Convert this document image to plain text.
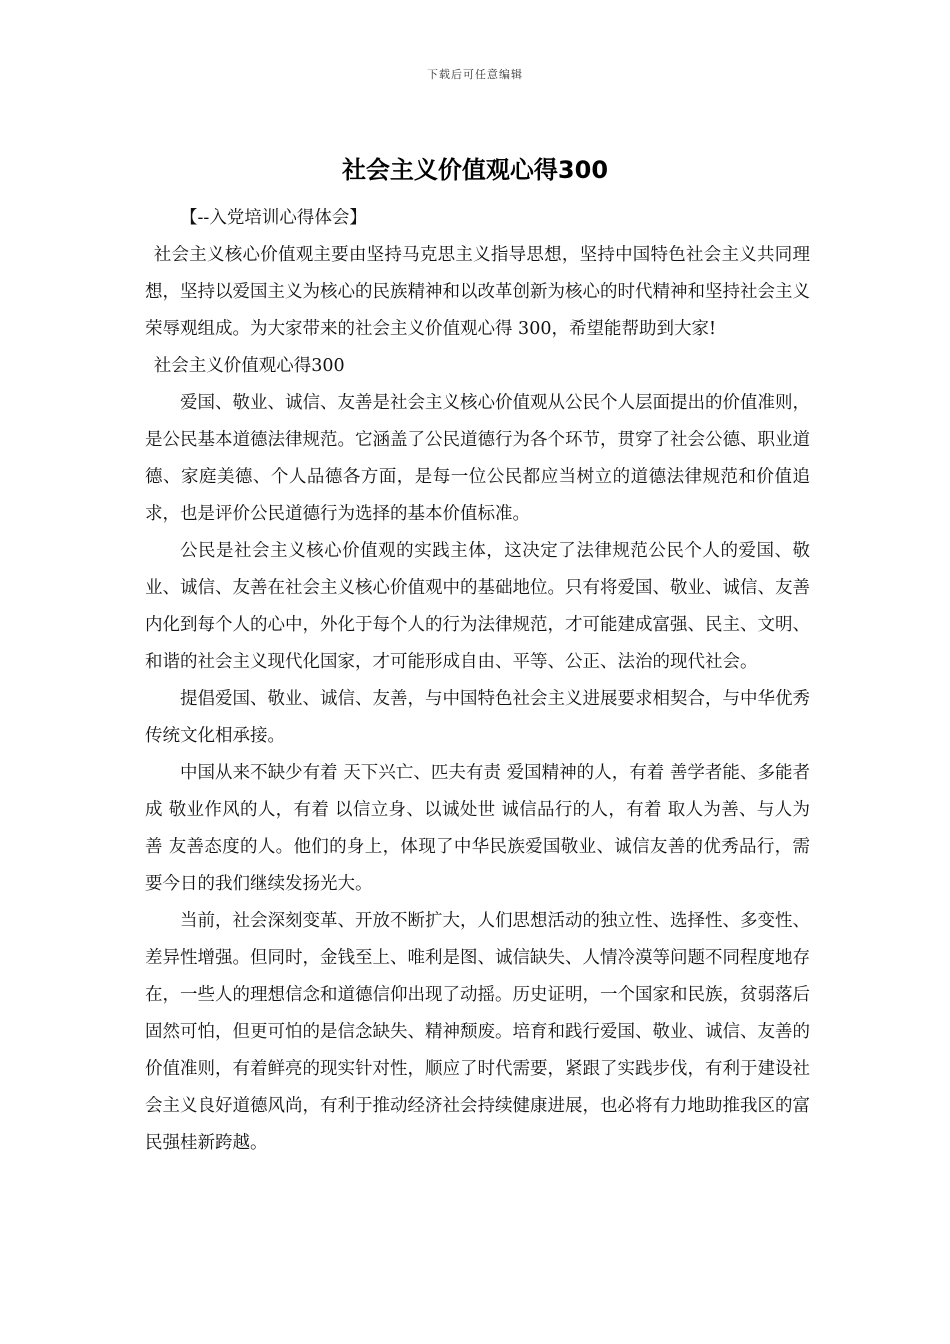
下载后可任意编辑
社会主义价值观心得300

【--入党培训心得体会】

社会主义核心价值观主要由坚持马克思主义指导思想，坚持中国特色社会主义共同理想，坚持以爱国主义为核心的民族精神和以改革创新为核心的时代精神和坚持社会主义荣辱观组成。为大家带来的社会主义价值观心得 300，希望能帮助到大家!

社会主义价值观心得300

爱国、敬业、诚信、友善是社会主义核心价值观从公民个人层面提出的价值准则，是公民基本道德法律规范。它涵盖了公民道德行为各个环节，贯穿了社会公德、职业道德、家庭美德、个人品德各方面，是每一位公民都应当树立的道德法律规范和价值追求，也是评价公民道德行为选择的基本价值标准。

公民是社会主义核心价值观的实践主体，这决定了法律规范公民个人的爱国、敬业、诚信、友善在社会主义核心价值观中的基础地位。只有将爱国、敬业、诚信、友善内化到每个人的心中，外化于每个人的行为法律规范，才可能建成富强、民主、文明、和谐的社会主义现代化国家，才可能形成自由、平等、公正、法治的现代社会。

提倡爱国、敬业、诚信、友善，与中国特色社会主义进展要求相契合，与中华优秀传统文化相承接。

中国从来不缺少有着 天下兴亡、匹夫有责 爱国精神的人，有着 善学者能、多能者成 敬业作风的人，有着 以信立身、以诚处世 诚信品行的人，有着 取人为善、与人为善 友善态度的人。他们的身上，体现了中华民族爱国敬业、诚信友善的优秀品行，需要今日的我们继续发扬光大。

当前，社会深刻变革、开放不断扩大，人们思想活动的独立性、选择性、多变性、差异性增强。但同时，金钱至上、唯利是图、诚信缺失、人情冷漠等问题不同程度地存在，一些人的理想信念和道德信仰出现了动摇。历史证明，一个国家和民族，贫弱落后固然可怕，但更可怕的是信念缺失、精神颓废。培育和践行爱国、敬业、诚信、友善的价值准则，有着鲜亮的现实针对性，顺应了时代需要，紧跟了实践步伐，有利于建设社会主义良好道德风尚，有利于推动经济社会持续健康进展，也必将有力地助推我区的富民强桂新跨越。
